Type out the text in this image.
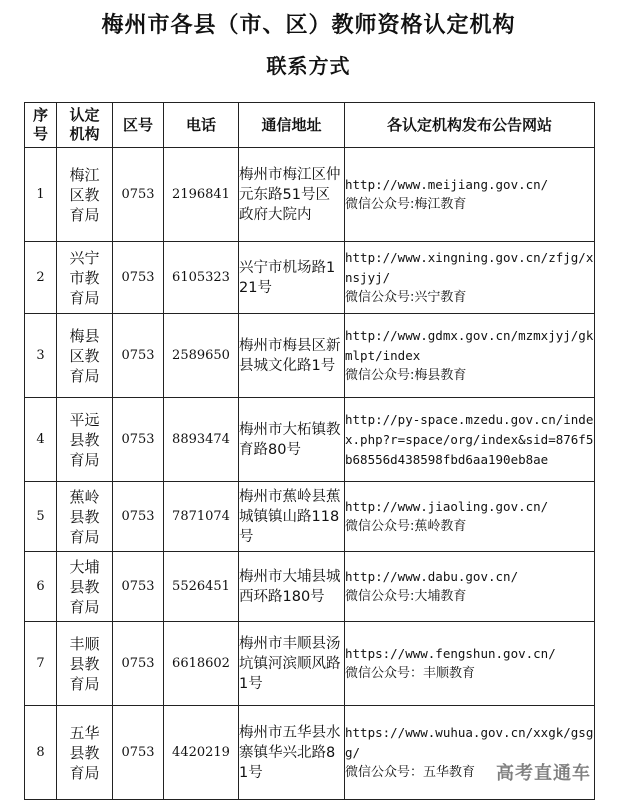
梅州市各县（市、区）教师资格认定机构
联系方式
序号	认定机构	区号	电话	通信地址	各认定机构发布公告网站
1	梅江区教育局	0753	2196841	梅州市梅江区仲元东路51号区政府大院内	http://www.meijiang.gov.cn/
微信公众号:梅江教育

2	兴宁市教育局	0753	6105323	兴宁市机场路121号	http://www.xingning.gov.cn/zfjg/xnsjyj/
微信公众号:兴宁教育

3	梅县区教育局	0753	2589650	梅州市梅县区新县城文化路1号	http://www.gdmx.gov.cn/mzmxjyj/gkmlpt/index
微信公众号:梅县教育

4	平远县教育局	0753	8893474	梅州市大柘镇教育路80号	http://py-space.mzedu.gov.cn/index.php?r=space/org/index&sid=876f5b68556d438598fbd6aa190eb8ae

5	蕉岭县教育局	0753	7871074	梅州市蕉岭县蕉城镇镇山路118号	http://www.jiaoling.gov.cn/
微信公众号:蕉岭教育

6	大埔县教育局	0753	5526451	梅州市大埔县城西环路180号	http://www.dabu.gov.cn/
微信公众号:大埔教育

7	丰顺县教育局	0753	6618602	梅州市丰顺县汤坑镇河滨顺风路1号	https://www.fengshun.gov.cn/
微信公众号：丰顺教育

8	五华县教育局	0753	4420219	梅州市五华县水寨镇华兴北路81号	https://www.wuhua.gov.cn/xxgk/gsgg/
微信公众号：五华教育	高考直通车
